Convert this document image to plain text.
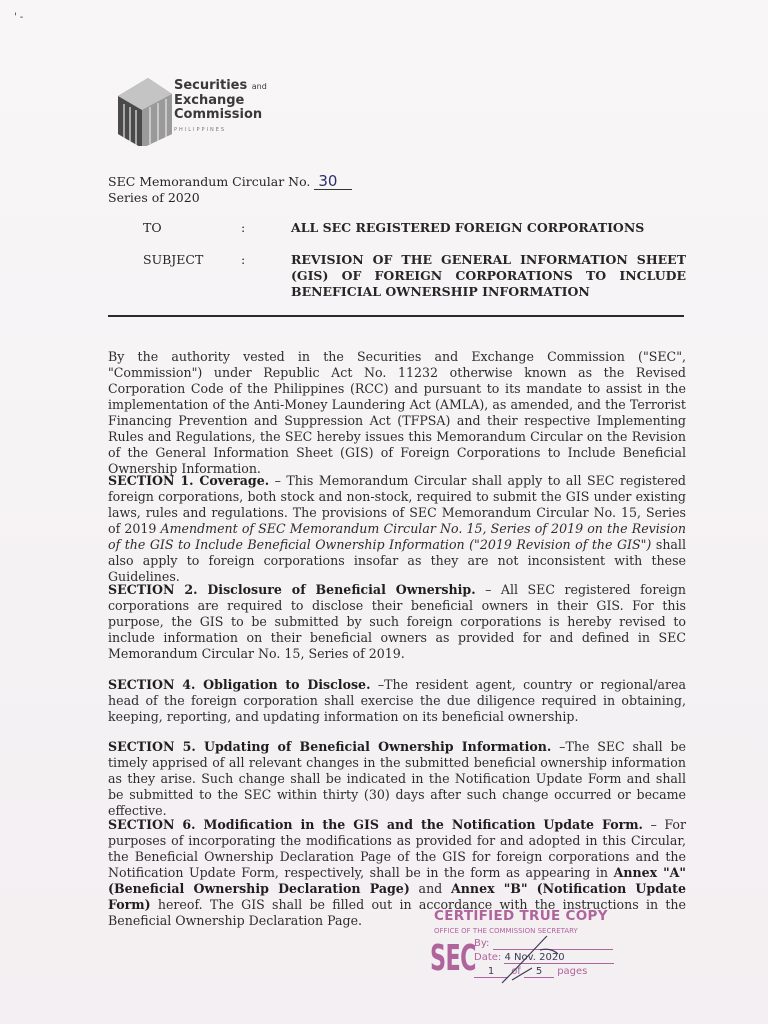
' -
Securities and
Exchange
Commission
PHILIPPINES
SEC Memorandum Circular No. 30
Series of 2020
TO	:	ALL SEC REGISTERED FOREIGN CORPORATIONS
SUBJECT	:	REVISION OF THE GENERAL INFORMATION SHEET (GIS) OF FOREIGN CORPORATIONS TO INCLUDE BENEFICIAL OWNERSHIP INFORMATION

By the authority vested in the Securities and Exchange Commission ("SEC", "Commission") under Republic Act No. 11232 otherwise known as the Revised Corporation Code of the Philippines (RCC) and pursuant to its mandate to assist in the implementation of the Anti-Money Laundering Act (AMLA), as amended, and the Terrorist Financing Prevention and Suppression Act (TFPSA) and their respective Implementing Rules and Regulations, the SEC hereby issues this Memorandum Circular on the Revision of the General Information Sheet (GIS) of Foreign Corporations to Include Beneficial Ownership Information.

SECTION 1. Coverage. – This Memorandum Circular shall apply to all SEC registered foreign corporations, both stock and non-stock, required to submit the GIS under existing laws, rules and regulations. The provisions of SEC Memorandum Circular No. 15, Series of 2019 Amendment of SEC Memorandum Circular No. 15, Series of 2019 on the Revision of the GIS to Include Beneficial Ownership Information ("2019 Revision of the GIS") shall also apply to foreign corporations insofar as they are not inconsistent with these Guidelines.

SECTION 2. Disclosure of Beneficial Ownership. – All SEC registered foreign corporations are required to disclose their beneficial owners in their GIS. For this purpose, the GIS to be submitted by such foreign corporations is hereby revised to include information on their beneficial owners as provided for and defined in SEC Memorandum Circular No. 15, Series of 2019.

SECTION 4. Obligation to Disclose. –The resident agent, country or regional/area head of the foreign corporation shall exercise the due diligence required in obtaining, keeping, reporting, and updating information on its beneficial ownership.

SECTION 5. Updating of Beneficial Ownership Information. –The SEC shall be timely apprised of all relevant changes in the submitted beneficial ownership information as they arise. Such change shall be indicated in the Notification Update Form and shall be submitted to the SEC within thirty (30) days after such change occurred or became effective.

SECTION 6. Modification in the GIS and the Notification Update Form. – For purposes of incorporating the modifications as provided for and adopted in this Circular, the Beneficial Ownership Declaration Page of the GIS for foreign corporations and the Notification Update Form, respectively, shall be in the form as appearing in Annex "A" (Beneficial Ownership Declaration Page) and Annex "B" (Notification Update Form) hereof. The GIS shall be filled out in accordance with the instructions in the Beneficial Ownership Declaration Page.	CERTIFIED TRUE COPY
OFFICE OF THE COMMISSION SECRETARY
SEC
By:
Date: 4 Nov. 2020
1 of 5 pages
